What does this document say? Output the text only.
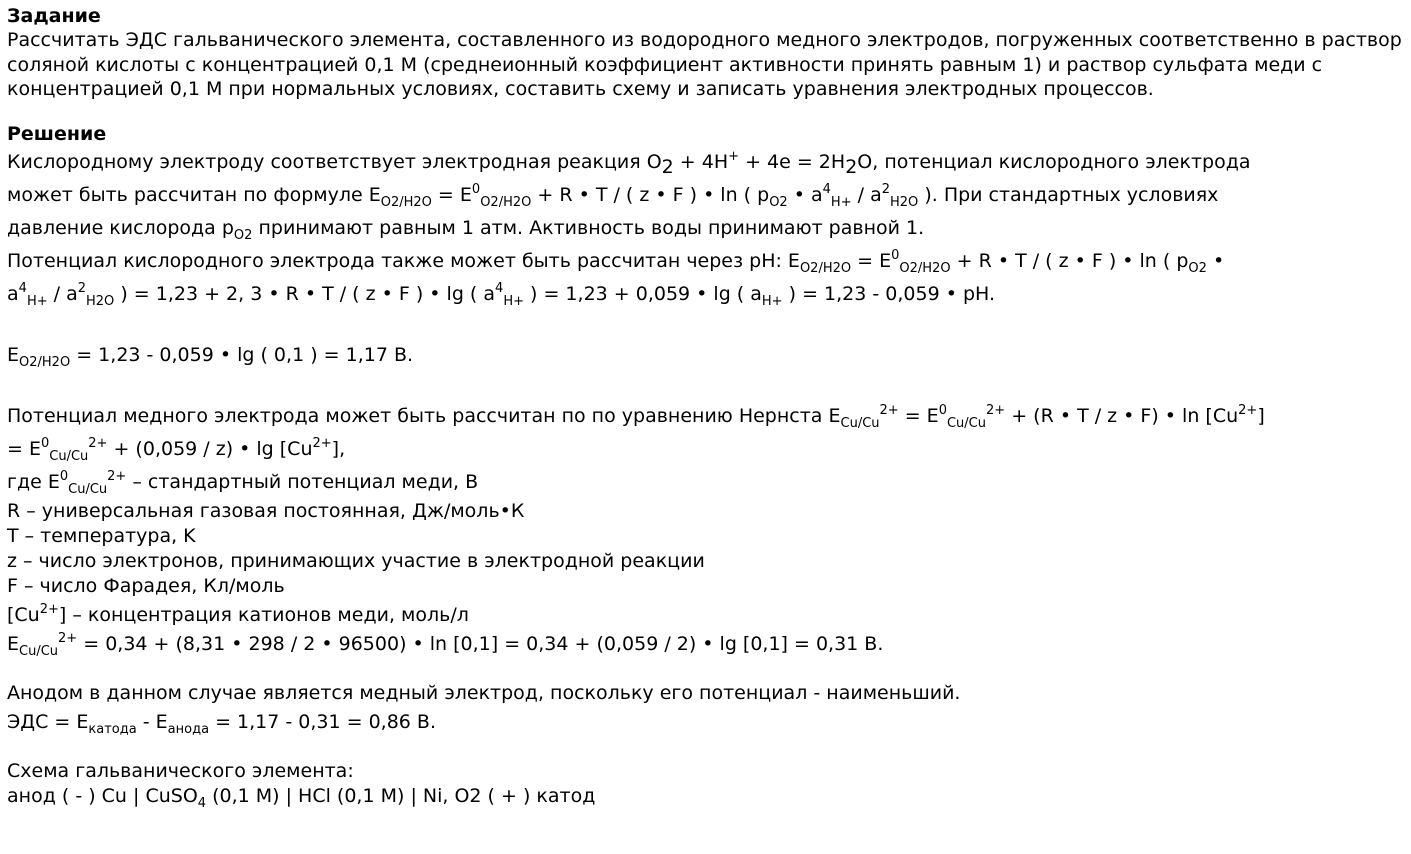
Задание
Рассчитать ЭДС гальванического элемента, составленного из водородного медного электродов, погруженных соответственно в раствор соляной кислоты с концентрацией 0,1 М (среднеионный коэффициент активности принять равным 1) и раствор сульфата меди с концентрацией 0,1 М при нормальных условиях, составить схему и записать уравнения электродных процессов.
Решение
Кислородному электроду соответствует электродная реакция $O_2 + 4H^+ + 4e = 2H_2O$, потенциал кислородного электрода
может быть рассчитан по формуле $E_{O2/H2O} = E^0_{O2/H2O} + R$ • T / ( z • F ) • ln ( $p_{O2}$ • $a^4_{H+} / a^2_{H2O}$ ). При стандартных условиях
давление кислорода $p_{O2}$ принимают равным 1 атм. Активность воды принимают равной 1.
Потенциал кислородного электрода также может быть рассчитан через pH: $E_{O2/H2O} = E^0_{O2/H2O} + R$ • T / ( z • F ) • ln ( $p_{O2}$ •
$a^4_{H+} / a^2_{H2O}$ ) = 1,23 + 2, 3 • R • T / ( z • F ) • lg ( $a^4_{H+}$ ) = 1,23 + 0,059 • lg ( $a_{H+}$ ) = 1,23 - 0,059 • pH.
$E_{O2/H2O} = 1,23 - 0,059$ • lg ( 0,1 ) = 1,17 В.
Потенциал медного электрода может быть рассчитан по по уравнению Нернста $E_{Cu/Cu}^{2+} = E^0_{Cu/Cu}^{2+} + (R$ • T / z • F) • $\ln [Cu^{2+}]$
= $E^0_{Cu/Cu}^{2+} + (0,059 / z)$ • $\lg [Cu^{2+}]$,
где $E^0_{Cu/Cu}^{2+}$ – стандартный потенциал меди, В
R – универсальная газовая постоянная, Дж/моль•К
T – температура, K
z – число электронов, принимающих участие в электродной реакции
F – число Фарадея, Кл/моль
$[Cu^{2+}]$ – концентрация катионов меди, моль/л
$E_{Cu/Cu}^{2+} = 0,34 + (8,31$ • 298 / 2 • 96500) • ln [0,1] = 0,34 + (0,059 / 2) • lg [0,1] = 0,31 В.
Анодом в данном случае является медный электрод, поскольку его потенциал - наименьший.
ЭДС = $E_{катода} - E_{анода} = 1,17 - 0,31 = 0,86$ В.
Схема гальванического элемента:
анод ( - ) Cu | CuSO$_4$ (0,1 M) | HCl (0,1 M) | Ni, O2 ( + ) катод
